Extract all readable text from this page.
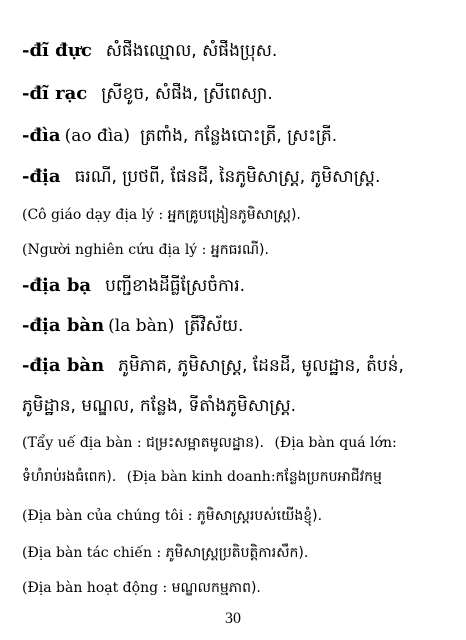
-đĩ đực សំផឹងឈ្មោល, សំផឹងប្រុស.
-đĩ rạc ស្រីខូច, សំផឹង, ស្រីពេស្យា.
-đìa (ao đìa) ត្រពាំង, កន្លែងបោះត្រី, ស្រះត្រី.
-địa ធរណី, ប្រថពី, ផែនដី, នៃភូមិសាស្ត្រ, ភូមិសាស្ត្រ.
(Cô giáo dạy địa lý : អ្នកគ្រូបង្រៀនភូមិសាស្ត្រ).
(Người nghiên cứu địa lý : អ្នកធរណី).
-địa bạ បញ្ជីខាងដីធ្លីស្រែចំការ.
-địa bàn (la bàn) ត្រីវិស័យ.
-địa bàn ភូមិភាគ, ភូមិសាស្ត្រ, ដែនដី, មូលដ្ឋាន, តំបន់,
ភូមិដ្ឋាន, មណ្ឌល, កន្លែង, ទីតាំងភូមិសាស្ត្រ.
(Tẩy uế địa bàn : ជម្រះសម្អាតមូលដ្ឋាន). (Địa bàn quá lớn:
ទំហំរាប់រងធំពេក). (Địa bàn kinh doanh:កន្លែងប្រកបអាជីវកម្ម
(Địa bàn của chúng tôi : ភូមិសាស្ត្ររបស់យើងខ្ញុំ).
(Địa bàn tác chiến : ភូមិសាស្ត្រប្រតិបត្តិការសឹក).
(Địa bàn hoạt động : មណ្ឌលកម្មភាព).
30
